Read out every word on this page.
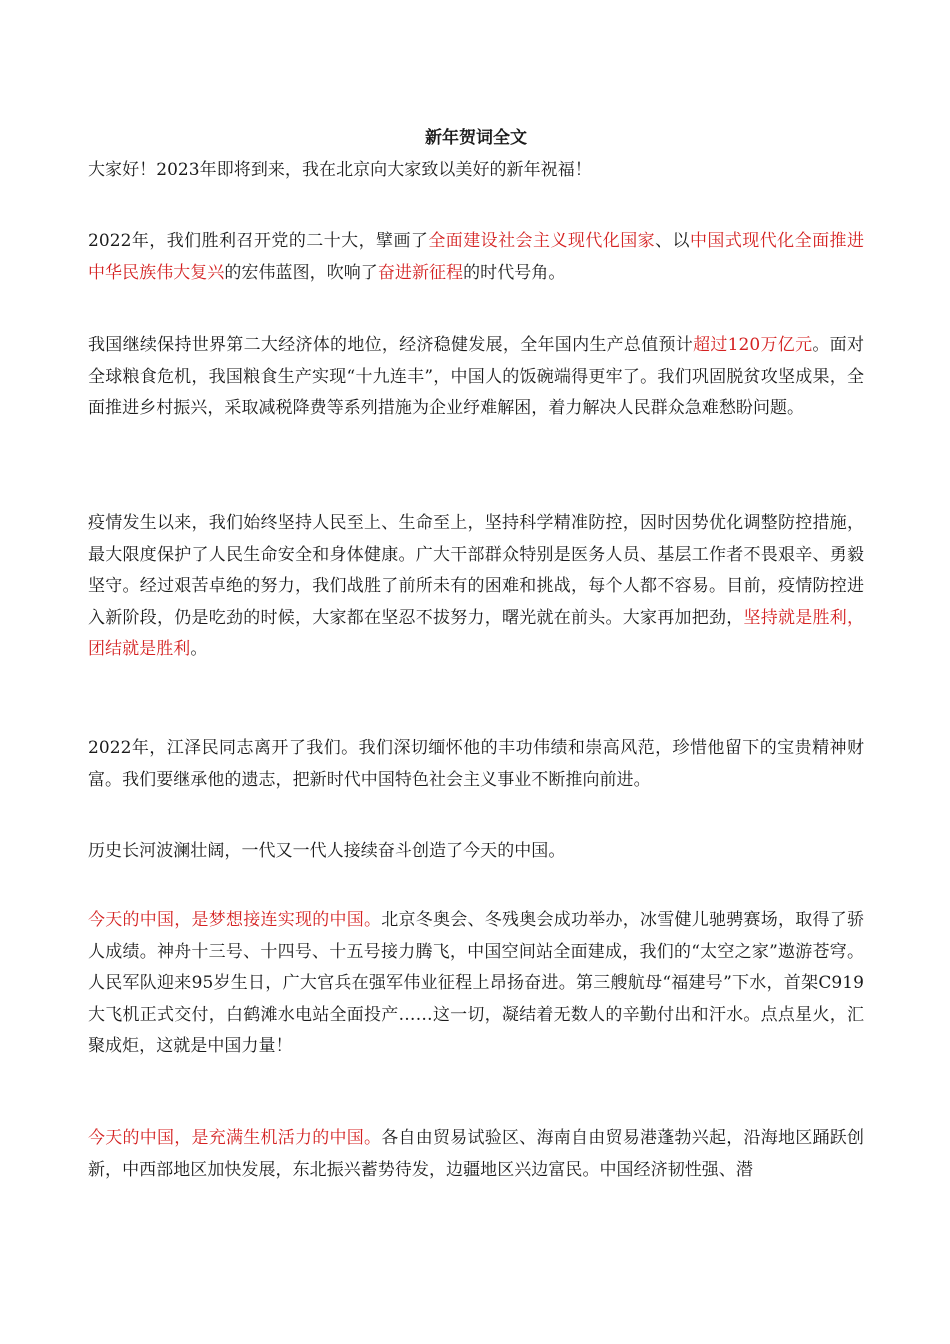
新年贺词全文

大家好！2023年即将到来，我在北京向大家致以美好的新年祝福！

2022年，我们胜利召开党的二十大，擘画了全面建设社会主义现代化国家、以中国式现代化全面推进中华民族伟大复兴的宏伟蓝图，吹响了奋进新征程的时代号角。

我国继续保持世界第二大经济体的地位，经济稳健发展，全年国内生产总值预计超过120万亿元。面对全球粮食危机，我国粮食生产实现“十九连丰”，中国人的饭碗端得更牢了。我们巩固脱贫攻坚成果，全面推进乡村振兴，采取减税降费等系列措施为企业纾难解困，着力解决人民群众急难愁盼问题。

疫情发生以来，我们始终坚持人民至上、生命至上，坚持科学精准防控，因时因势优化调整防控措施，最大限度保护了人民生命安全和身体健康。广大干部群众特别是医务人员、基层工作者不畏艰辛、勇毅坚守。经过艰苦卓绝的努力，我们战胜了前所未有的困难和挑战，每个人都不容易。目前，疫情防控进入新阶段，仍是吃劲的时候，大家都在坚忍不拔努力，曙光就在前头。大家再加把劲，坚持就是胜利，团结就是胜利。

2022年，江泽民同志离开了我们。我们深切缅怀他的丰功伟绩和崇高风范，珍惜他留下的宝贵精神财富。我们要继承他的遗志，把新时代中国特色社会主义事业不断推向前进。

历史长河波澜壮阔，一代又一代人接续奋斗创造了今天的中国。

今天的中国，是梦想接连实现的中国。北京冬奥会、冬残奥会成功举办，冰雪健儿驰骋赛场，取得了骄人成绩。神舟十三号、十四号、十五号接力腾飞，中国空间站全面建成，我们的“太空之家”遨游苍穹。人民军队迎来95岁生日，广大官兵在强军伟业征程上昂扬奋进。第三艘航母“福建号”下水，首架C919大飞机正式交付，白鹤滩水电站全面投产……这一切，凝结着无数人的辛勤付出和汗水。点点星火，汇聚成炬，这就是中国力量！

今天的中国，是充满生机活力的中国。各自由贸易试验区、海南自由贸易港蓬勃兴起，沿海地区踊跃创新，中西部地区加快发展，东北振兴蓄势待发，边疆地区兴边富民。中国经济韧性强、潜
